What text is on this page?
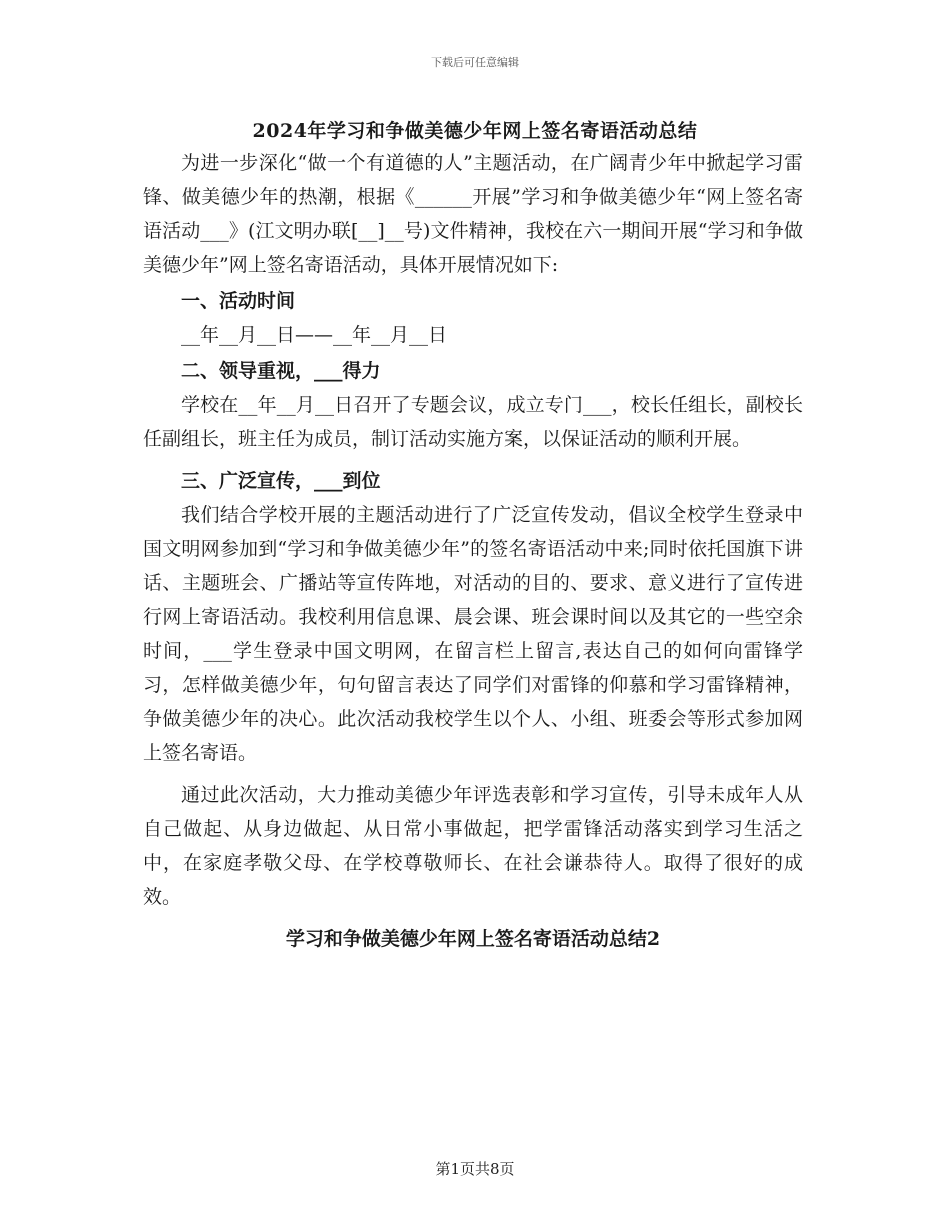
下载后可任意编辑
2024年学习和争做美德少年网上签名寄语活动总结

为进一步深化“做一个有道德的人”主题活动，在广阔青少年中掀起学习雷锋、做美德少年的热潮，根据《______开展”学习和争做美德少年“网上签名寄语活动___》(江文明办联[__]__号)文件精神，我校在六一期间开展“学习和争做美德少年”网上签名寄语活动，具体开展情况如下:

一、活动时间

__年__月__日——__年__月__日

二、领导重视，___得力

学校在__年__月__日召开了专题会议，成立专门___，校长任组长，副校长任副组长，班主任为成员，制订活动实施方案，以保证活动的顺利开展。

三、广泛宣传，___到位

我们结合学校开展的主题活动进行了广泛宣传发动，倡议全校学生登录中国文明网参加到“学习和争做美德少年”的签名寄语活动中来;同时依托国旗下讲话、主题班会、广播站等宣传阵地，对活动的目的、要求、意义进行了宣传进行网上寄语活动。我校利用信息课、晨会课、班会课时间以及其它的一些空余时间，___学生登录中国文明网，在留言栏上留言,表达自己的如何向雷锋学习，怎样做美德少年，句句留言表达了同学们对雷锋的仰慕和学习雷锋精神，争做美德少年的决心。此次活动我校学生以个人、小组、班委会等形式参加网上签名寄语。

通过此次活动，大力推动美德少年评选表彰和学习宣传，引导未成年人从自己做起、从身边做起、从日常小事做起，把学雷锋活动落实到学习生活之中，在家庭孝敬父母、在学校尊敬师长、在社会谦恭待人。取得了很好的成效。

学习和争做美德少年网上签名寄语活动总结2

第1页共8页
